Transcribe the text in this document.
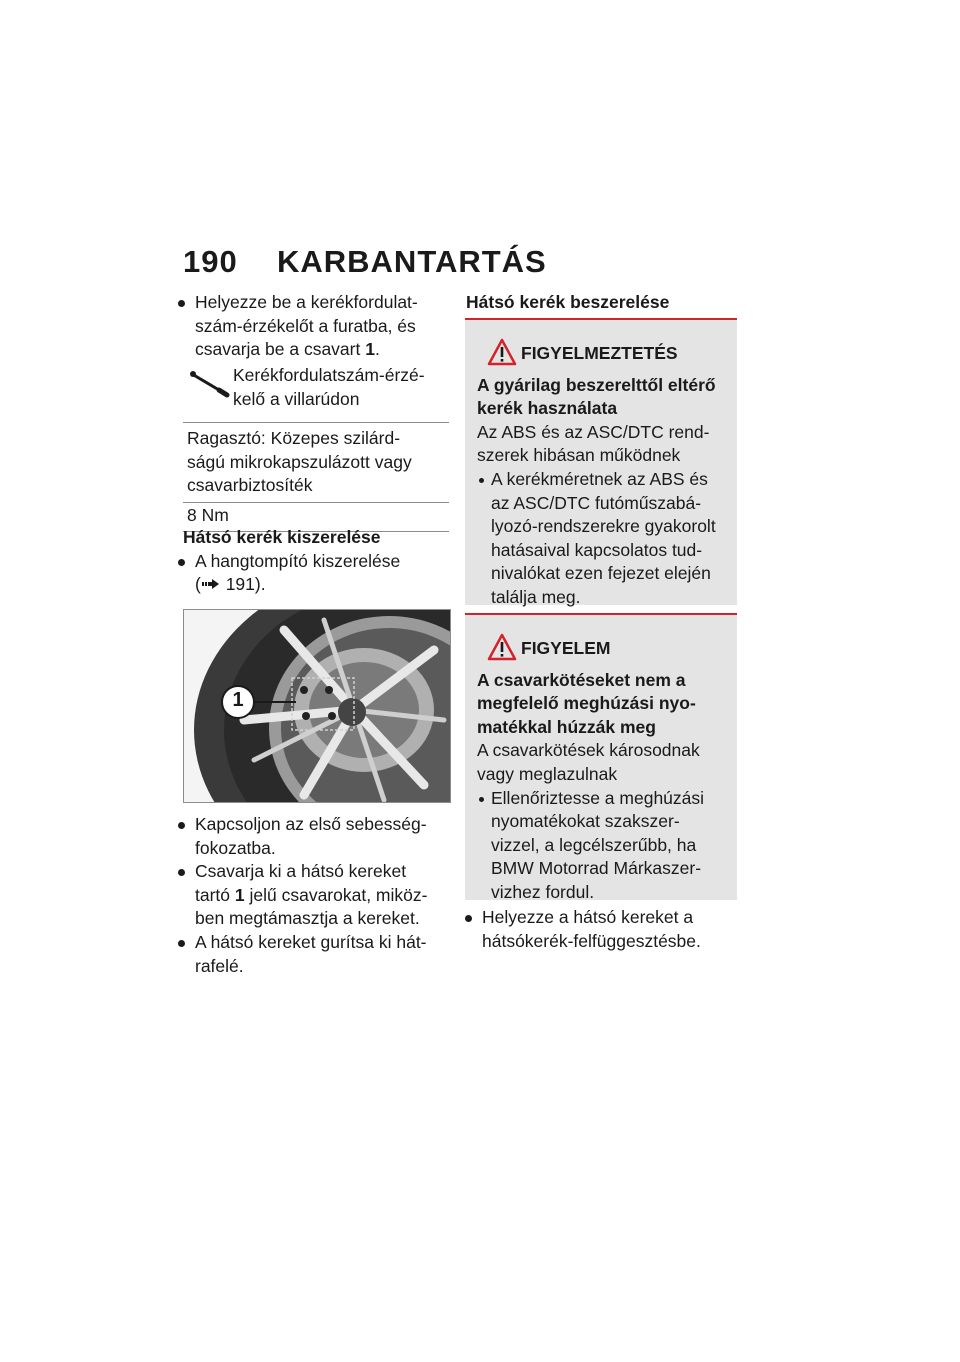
190 KARBANTARTÁS
Helyezze be a kerékfordulat-
szám-érzékelőt a furatba, és
csavarja be a csavart 1.
Kerékfordulatszám-érzé-
kelő a villarúdon
Ragasztó: Közepes szilárd-
ságú mikrokapszulázott vagy
csavarbiztosíték
8 Nm
Hátsó kerék kiszerelése
A hangtompító kiszerelése
( 191).
1
Kapcsoljon az első sebesség-
fokozatba.
Csavarja ki a hátsó kereket
tartó 1 jelű csavarokat, miköz-
ben megtámasztja a kereket.
A hátsó kereket gurítsa ki hát-
rafelé.
Hátsó kerék beszerelése
FIGYELMEZTETÉS
A gyárilag beszerelttől eltérő
kerék használata
Az ABS és az ASC/DTC rend-
szerek hibásan működnek
A kerékméretnek az ABS és
az ASC/DTC futóműszabá-
lyozó-rendszerekre gyakorolt
hatásaival kapcsolatos tud-
nivalókat ezen fejezet elején
találja meg.
FIGYELEM
A csavarkötéseket nem a
megfelelő meghúzási nyo-
matékkal húzzák meg
A csavarkötések károsodnak
vagy meglazulnak
Ellenőriztesse a meghúzási
nyomatékokat szakszer-
vizzel, a legcélszerűbb, ha
BMW Motorrad Márkaszer-
vizhez fordul.
Helyezze a hátsó kereket a
hátsókerék-felfüggesztésbe.
